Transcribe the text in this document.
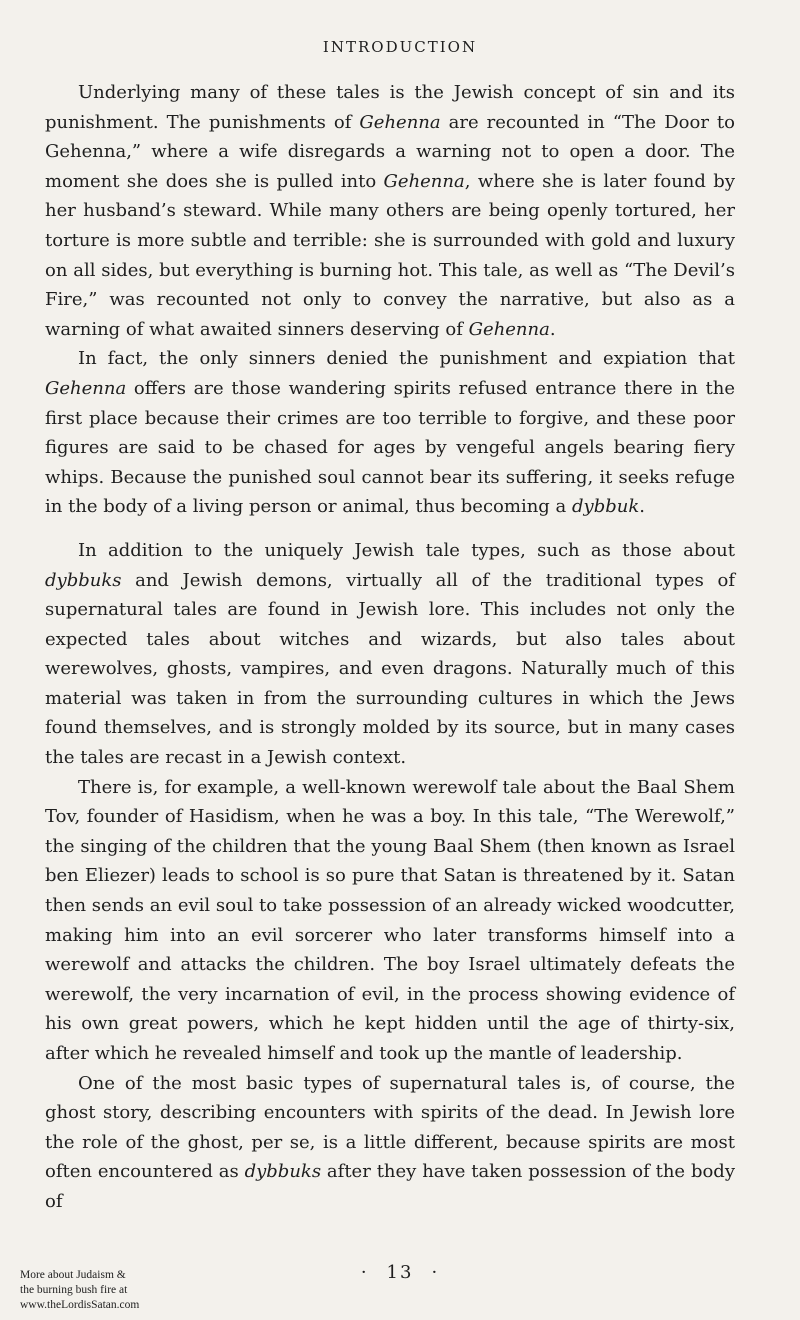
INTRODUCTION

Underlying many of these tales is the Jewish concept of sin and its punishment. The punishments of Gehenna are recounted in “The Door to Gehenna,” where a wife disregards a warning not to open a door. The moment she does she is pulled into Gehenna, where she is later found by her husband’s steward. While many others are being openly tortured, her torture is more subtle and terrible: she is surrounded with gold and luxury on all sides, but everything is burning hot. This tale, as well as “The Devil’s Fire,” was recounted not only to convey the narrative, but also as a warning of what awaited sinners deserving of Gehenna.

In fact, the only sinners denied the punishment and expiation that Gehenna offers are those wandering spirits refused entrance there in the first place because their crimes are too terrible to forgive, and these poor figures are said to be chased for ages by vengeful angels bearing fiery whips. Because the punished soul cannot bear its suffering, it seeks refuge in the body of a living person or animal, thus becoming a dybbuk.

In addition to the uniquely Jewish tale types, such as those about dybbuks and Jewish demons, virtually all of the traditional types of supernatural tales are found in Jewish lore. This includes not only the expected tales about witches and wizards, but also tales about werewolves, ghosts, vampires, and even dragons. Naturally much of this material was taken in from the surrounding cultures in which the Jews found themselves, and is strongly molded by its source, but in many cases the tales are recast in a Jewish context.

There is, for example, a well-known werewolf tale about the Baal Shem Tov, founder of Hasidism, when he was a boy. In this tale, “The Werewolf,” the singing of the children that the young Baal Shem (then known as Israel ben Eliezer) leads to school is so pure that Satan is threatened by it. Satan then sends an evil soul to take possession of an already wicked woodcutter, making him into an evil sorcerer who later transforms himself into a werewolf and attacks the children. The boy Israel ultimately defeats the werewolf, the very incarnation of evil, in the process showing evidence of his own great powers, which he kept hidden until the age of thirty-six, after which he revealed himself and took up the mantle of leadership.

One of the most basic types of supernatural tales is, of course, the ghost story, describing encounters with spirits of the dead. In Jewish lore the role of the ghost, per se, is a little different, because spirits are most often encountered as dybbuks after they have taken possession of the body of

· 13 ·
More about Judaism &
the burning bush fire at
www.theLordisSatan.com
